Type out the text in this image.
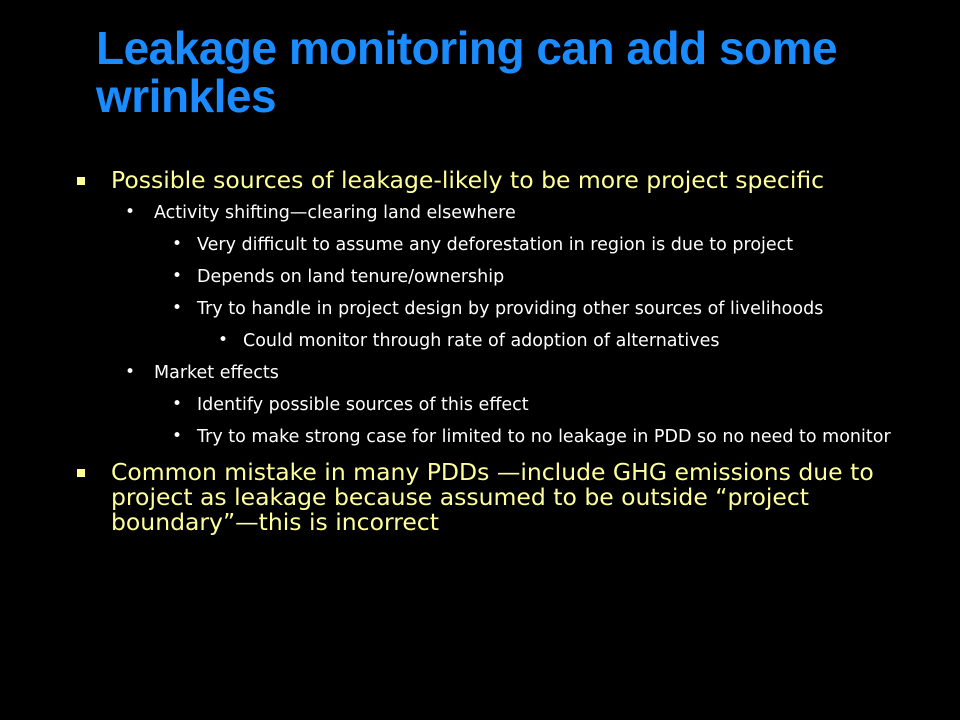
Leakage monitoring can add some wrinkles

Possible sources of leakage-likely to be more project specific

• Activity shifting—clearing land elsewhere

• Very difficult to assume any deforestation in region is due to project

• Depends on land tenure/ownership

• Try to handle in project design by providing other sources of livelihoods

• Could monitor through rate of adoption of alternatives

• Market effects

• Identify possible sources of this effect

• Try to make strong case for limited to no leakage in PDD so no need to monitor

Common mistake in many PDDs —include GHG emissions due to project as leakage because assumed to be outside “project boundary”—this is incorrect
